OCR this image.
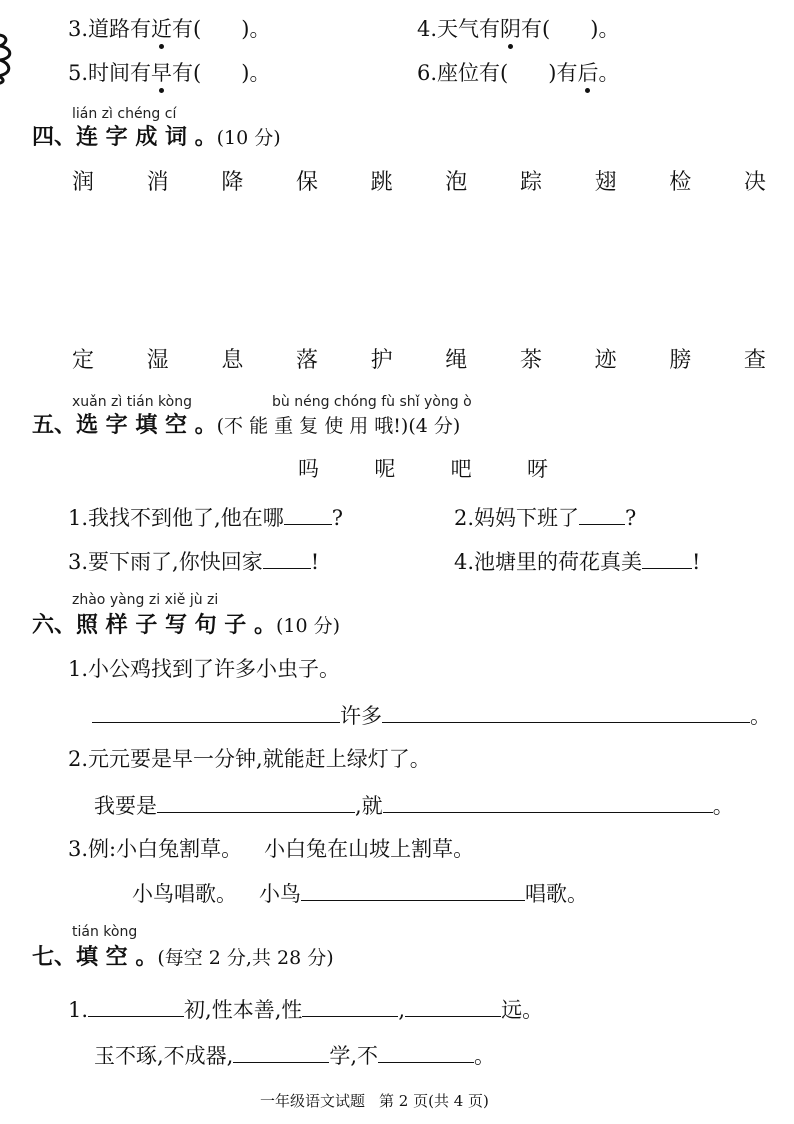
3.道路有近有( )。	4.天气有阴有( )。
5.时间有早有( )。	6.座位有( )有后。
lián zì chéng cí
四、连 字 成 词 。(10 分)
润 消 降 保 跳 泡 踪 翅 检 决
定 湿 息 落 护 绳 茶 迹 膀 查
xuǎn zì tián kòng	bù néng chóng fù shǐ yòng ò
五、选 字 填 空 。(不 能 重 复 使 用 哦!)(4 分)
吗	呢	吧	呀
1.我找不到他了,他在哪 ?	2.妈妈下班了 ?
3.要下雨了,你快回家 !	4.池塘里的荷花真美 !
zhào yàng zi xiě jù zi
六、照 样 子 写 句 子 。(10 分)
1.小公鸡找到了许多小虫子。
许多	。
2.元元要是早一分钟,就能赶上绿灯了。
我要是	,就	。
3.例:小白兔割草。 小白兔在山坡上割草。
小鸟唱歌。 小鸟	唱歌。
tián kòng
七、填 空 。(每空 2 分,共 28 分)
1.	初,性本善,性	,	远。
玉不琢,不成器,	学,不	。
一年级语文试题 第 2 页(共 4 页)
